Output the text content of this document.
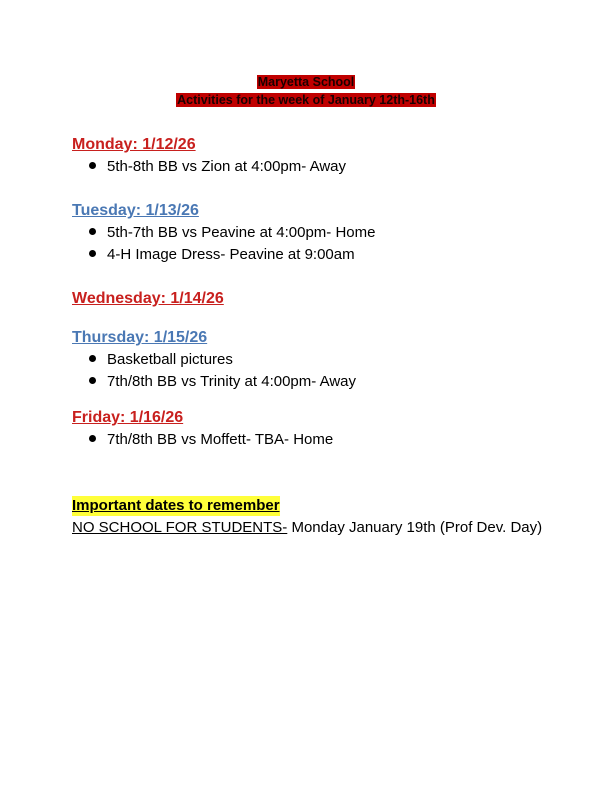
Maryetta School
Activities for the week of January 12th-16th
Monday: 1/12/26
5th-8th BB vs Zion at 4:00pm- Away
Tuesday: 1/13/26
5th-7th BB vs Peavine at 4:00pm- Home
4-H Image Dress- Peavine at 9:00am
Wednesday: 1/14/26
Thursday: 1/15/26
Basketball pictures
7th/8th BB vs Trinity at 4:00pm- Away
Friday: 1/16/26
7th/8th BB vs Moffett- TBA- Home
Important dates to remember
NO SCHOOL FOR STUDENTS- Monday January 19th (Prof Dev. Day)
